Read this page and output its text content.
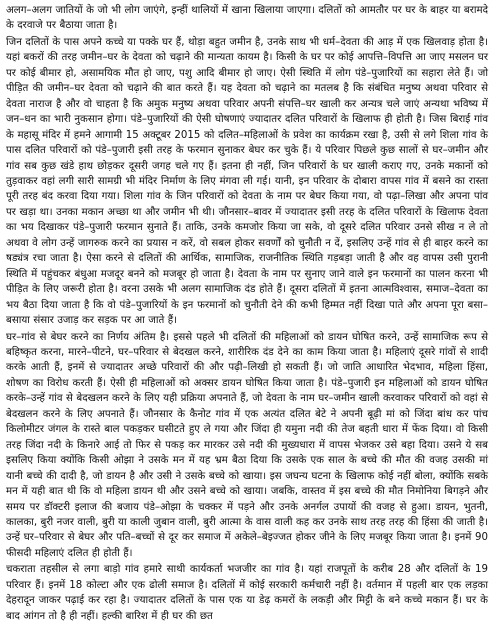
अलग–अलग जातियों के जो भी लोग जाएंगे, इन्हीं थालियों में खाना खिलाया जाएगा। दलितों को आमतौर पर घर के बाहर या बरामदे के दरवाजे पर बैठाया जाता है।

जिन दलितों के पास अपने कच्चे या पक्के घर हैं, थोड़ा बहुत जमीन है, उनके साथ भी धर्म–देवता की आड़ में एक खिलवाड़ होता है। यहां बकरों की तरह जमीन–घर के देवता को चढ़ाने की मान्यता कायम है। किसी के घर पर कोई आपत्ति–विपत्ति आ जाए मसलन घर पर कोई बीमार हो, असामयिक मौत हो जाए, पशु आदि बीमार हो जाए। ऐसी स्थिति में लोग पंडे–पुजारियों का सहारा लेते हैं। जो पीड़ित की जमीन–घर देवता को चढ़ाने की बात करते हैं। यह देवता को चढ़ाने का मतलब है कि संबंधित मनुष्य अथवा परिवार से देवता नाराज है और वो चाहता है कि अमुक मनुष्य अथवा परिवार अपनी संपत्ति–घर खाली कर अन्यत्र चले जाएं अन्यथा भविष्य में जन–धन का भारी नुकसान होगा। पंडे–पुजारियों की ऐसी घोषणाएं ज्यादातर दलित परिवारों के खिलाफ ही होती है। जिस बिराई गांव के महासू मंदिर में हमने आगामी 15 अक्टूबर 2015 को दलित–महिलाओं के प्रवेश का कार्यक्रम रखा है, उसी से लगे शिला गांव के पास दलित परिवारों को पंडे–पुजारी इसी तरह के फरमान सुनाकर बेघर कर चुके हैं। ये परिवार पिछले कुछ सालों से घर–जमीन और गांव सब कुछ खंडे हाथ छोड़कर दूसरी जगह चले गए हैं। इतना ही नहीं, जिन परिवारों के घर खाली कराए गए, उनके मकानों को तुड़वाकर वहां लगी सारी सामग्री भी मंदिर निर्माण के लिए मंगवा ली गई। यानी, इन परिवार के दोबारा वापस गांव में बसने का रास्ता पूरी तरह बंद करवा दिया गया। शिला गांव के जिन परिवारों को देवता के नाम पर बेघर किया गया, वो पढ़ा–लिखा और अपना पांव पर खड़ा था। उनका मकान अच्छा था और जमीन भी थी। जौनसार–बावर में ज्यादातर इसी तरह के दलित परिवारों के खिलाफ देवता का भय दिखाकर पंडे–पुजारी फरमान सुनाते हैं। ताकि, उनके कमजोर किया जा सके, वो दूसरे दलित परिवार उनसे सीख न ले तो अथवा वे लोग उन्हें जागरुक करने का प्रयास न करें, वो सबल होकर सवर्णों को चुनौती न दें, इसलिए उन्हें गांव से ही बाहर करने का षड्यंत्र रचा जाता है। ऐसा करने से दलितों की आर्थिक, सामाजिक, राजनीतिक स्थिति गड़बड़ा जाती है और वह वापस उसी पुरानी स्थिति में पहुंचकर बंधुआ मजदूर बनने को मजबूर हो जाता है। देवता के नाम पर सुनाए जाने वाले इन फरमानों का पालन करना भी पीड़ित के लिए जरूरी होता है। वरना उसके भी अलग सामाजिक दंड होते हैं। दूसरा दलितों में इतना आत्मविश्वास, समाज–देवता का भय बैठा दिया जाता है कि वो पंडे–पुजारियों के इन फरमानों को चुनौती देने की कभी हिम्मत नहीं दिखा पाते और अपना पूरा बसा–बसाया संसार उजाड़ कर सड़क पर आ जाते हैं।

घर–गांव से बेघर करने का निर्णय अंतिम है। इससे पहले भी दलितों की महिलाओं को डायन घोषित करने, उन्हें सामाजिक रूप से बहिष्कृत करना, मारने–पीटने, घर–परिवार से बेदखल करने, शारीरिक दंड देने का काम किया जाता है। महिलाएं दूसरे गांवों से शादी करके आती हैं, इनमें से ज्यादातर अच्छे परिवारों की और पढ़ी–लिखी हो सकती हैं। जो जाति आधारित भेदभाव, महिला हिंसा, शोषण का विरोध करती हैं। ऐसी ही महिलाओं को अक्सर डायन घोषित किया जाता है। पंडे–पुजारी इन महिलाओं को डायन घोषित करके–उन्हें गांव से बेदखलन करने के लिए यही प्रक्रिया अपनाते हैं, जो देवता के नाम घर–जमीन खाली करवाकर परिवारों को वहां से बेदखलन करने के लिए अपनाते हैं। जौनसार के कैनोट गांव में एक अत्यंत दलित बेटे ने अपनी बूढ़ी मां को जिंदा बांध कर पांच किलोमीटर जंगल के रास्ते बाल पकड़कर घसीटते हुए ले गया और जिंदा ही यमुना नदी की तेज बहती धारा में फेंक दिया। वो किसी तरह जिंदा नदी के किनारे आई तो फिर से पकड़ कर मारकर उसे नदी की मुख्यधारा में वापस भेजकर उसे बहा दिया। उसने ये सब इसलिए किया क्योंकि किसी ओझा ने उसके मन में यह भ्रम बैठा दिया कि उसके एक साल के बच्चे की मौत की वजह उसकी मां यानी बच्चे की दादी है, जो डायन है और उसी ने उसके बच्चे को खाया। इस जघन्य घटना के खिलाफ कोई नहीं बोला, क्योंकि सबके मन में यही बात थी कि वो महिला डायन थी और उसने बच्चे को खाया। जबकि, वास्तव में इस बच्चे की मौत निमोनिया बिगड़ने और समय पर डॉक्टरी इलाज की बजाय पंडे–ओझा के चक्कर में पड़ने और उनके अनर्गल उपायों की वजह से हुआ। डायन, भुतनी, कालका, बुरी नजर वाली, बुरी या काली जुबान वाली, बुरी आत्मा के वास वाली कह कर उनके साथ तरह तरह की हिंसा की जाती है। उन्हें घर–परिवार से बेघर और पति–बच्चों से दूर कर समाज में अकेले–बेइज्जत होकर जीने के लिए मजबूर किया जाता है। इनमें 90 फीसदी महिलाएं दलित ही होती हैं।

चकराता तहसील से लगा बाड़ो गांव हमारे साथी कार्यकर्ता भजजीर का गांव है। यहां राजपूतों के करीब 28 और दलितों के 19 परिवार हैं। इनमें 18 कोल्टा और एक ढोली समाज है। दलितों में कोई सरकारी कर्मचारी नहीं है। वर्तमान में पहली बार एक लड़का देहरादून जाकर पढ़ाई कर रहा है। ज्यादातर दलितों के पास एक या डेढ़ कमरों के लकड़ी और मिट्टी के बने कच्चे मकान हैं। घर के बाद आंगन तो है ही नहीं। हल्की बारिश में ही घर की छत
